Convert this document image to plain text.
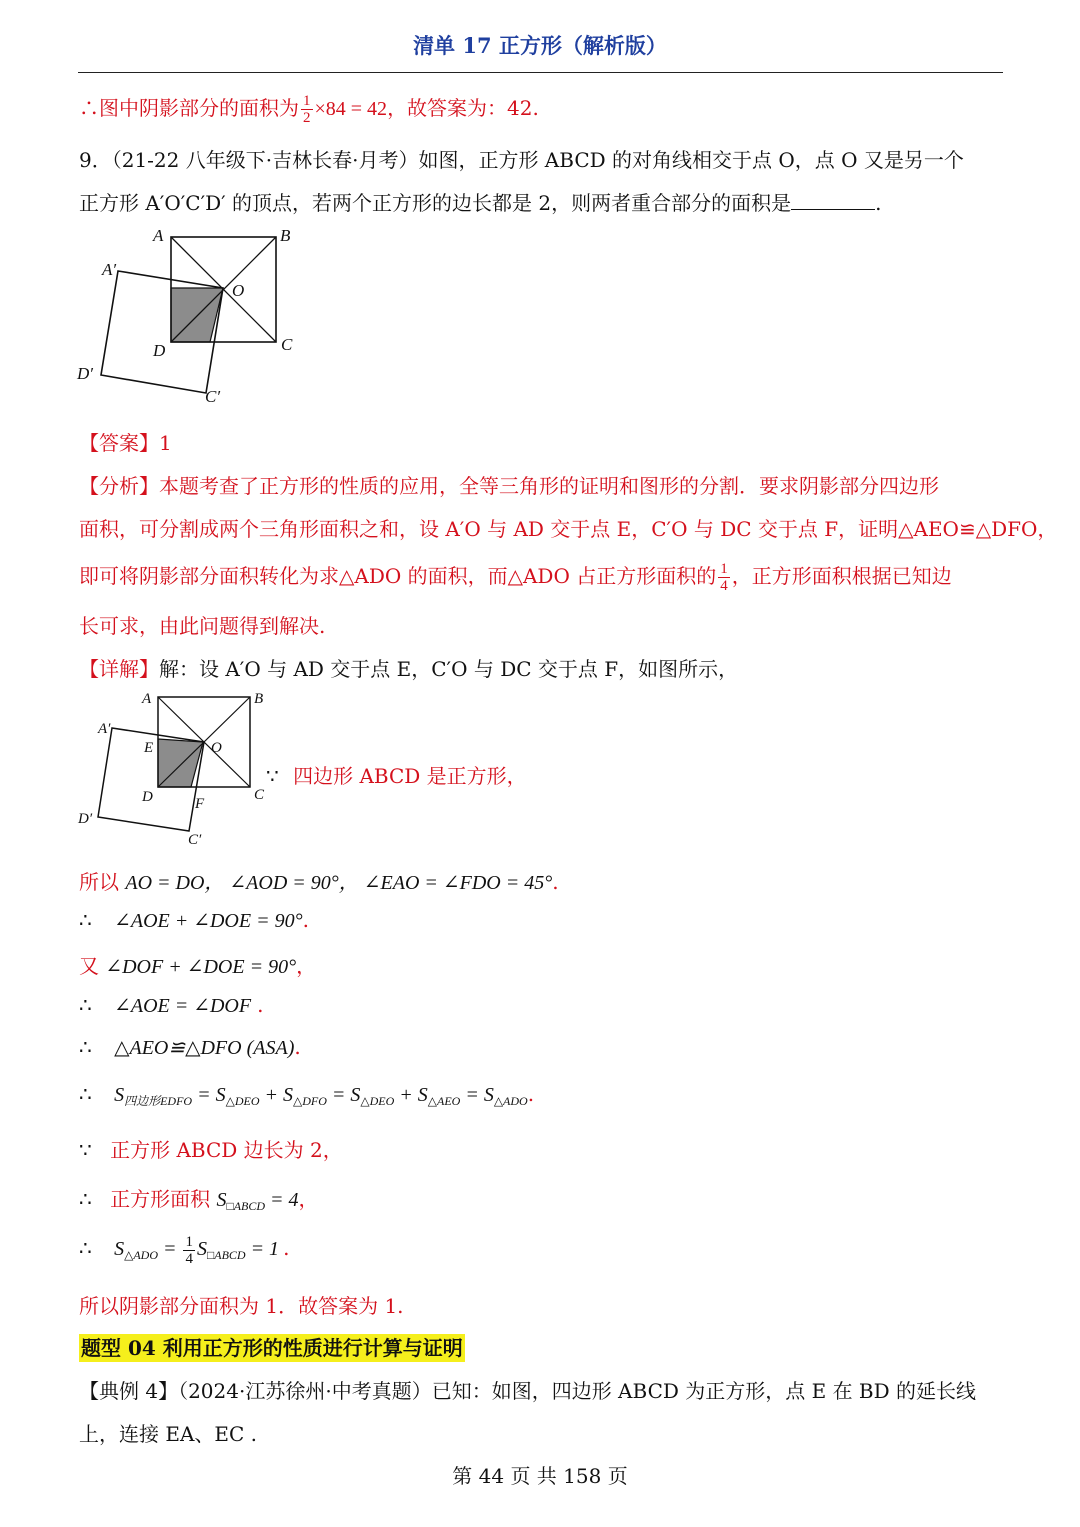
清单 17 正方形（解析版）
∴图中阴影部分的面积为 $\frac{1}{2} \times 84 = 42$，故答案为：42.
9．（21-22 八年级下·吉林长春·月考）如图，正方形 ABCD 的对角线相交于点 O，点 O 又是另一个
正方形 A′O′C′D′ 的顶点，若两个正方形的边长都是 2，则两者重合部分的面积是	.
A	B
A′
O
D	C
D′
C′
【答案】1
【分析】本题考查了正方形的性质的应用，全等三角形的证明和图形的分割．要求阴影部分四边形
面积，可分割成两个三角形面积之和，设 A′O 与 AD 交于点 E，C′O 与 DC 交于点 F，证明△AEO≌△DFO，
即可将阴影部分面积转化为求△ADO 的面积，而△ADO 占正方形面积的 $\frac{1}{4}$ ，正方形面积根据已知边
长可求，由此问题得到解决.
【详解】解：设 A′O 与 AD 交于点 E，C′O 与 DC 交于点 F，如图所示，
A	B
A′
E	O
D	F
C
D′
C′
∵ 四边形 ABCD 是正方形，
所以 AO = DO， ∠AOD = 90°， ∠EAO = ∠FDO = 45°.
∴ ∠AOE + ∠DOE = 90°.
又 ∠DOF + ∠DOE = 90°，
∴ ∠AOE = ∠DOF .
∴ △AEO≌△DFO (ASA).
∴ $S_{四边形EDFO} = S_{\triangle DEO} + S_{\triangle DFO} = S_{\triangle DEO} + S_{\triangle AEO} = S_{\triangle ADO}$.
∵ 正方形 ABCD 边长为 2，
∴ 正方形面积 $S_{□ABCD} = 4$，
∴ $S_{\triangle ADO} = \frac{1}{4} S_{□ABCD} = 1$ .
所以阴影部分面积为 1．故答案为 1.
题型 04 利用正方形的性质进行计算与证明
【典例 4】（2024·江苏徐州·中考真题）已知：如图，四边形 ABCD 为正方形，点 E 在 BD 的延长线
上，连接 EA、EC .
第 44 页 共 158 页
